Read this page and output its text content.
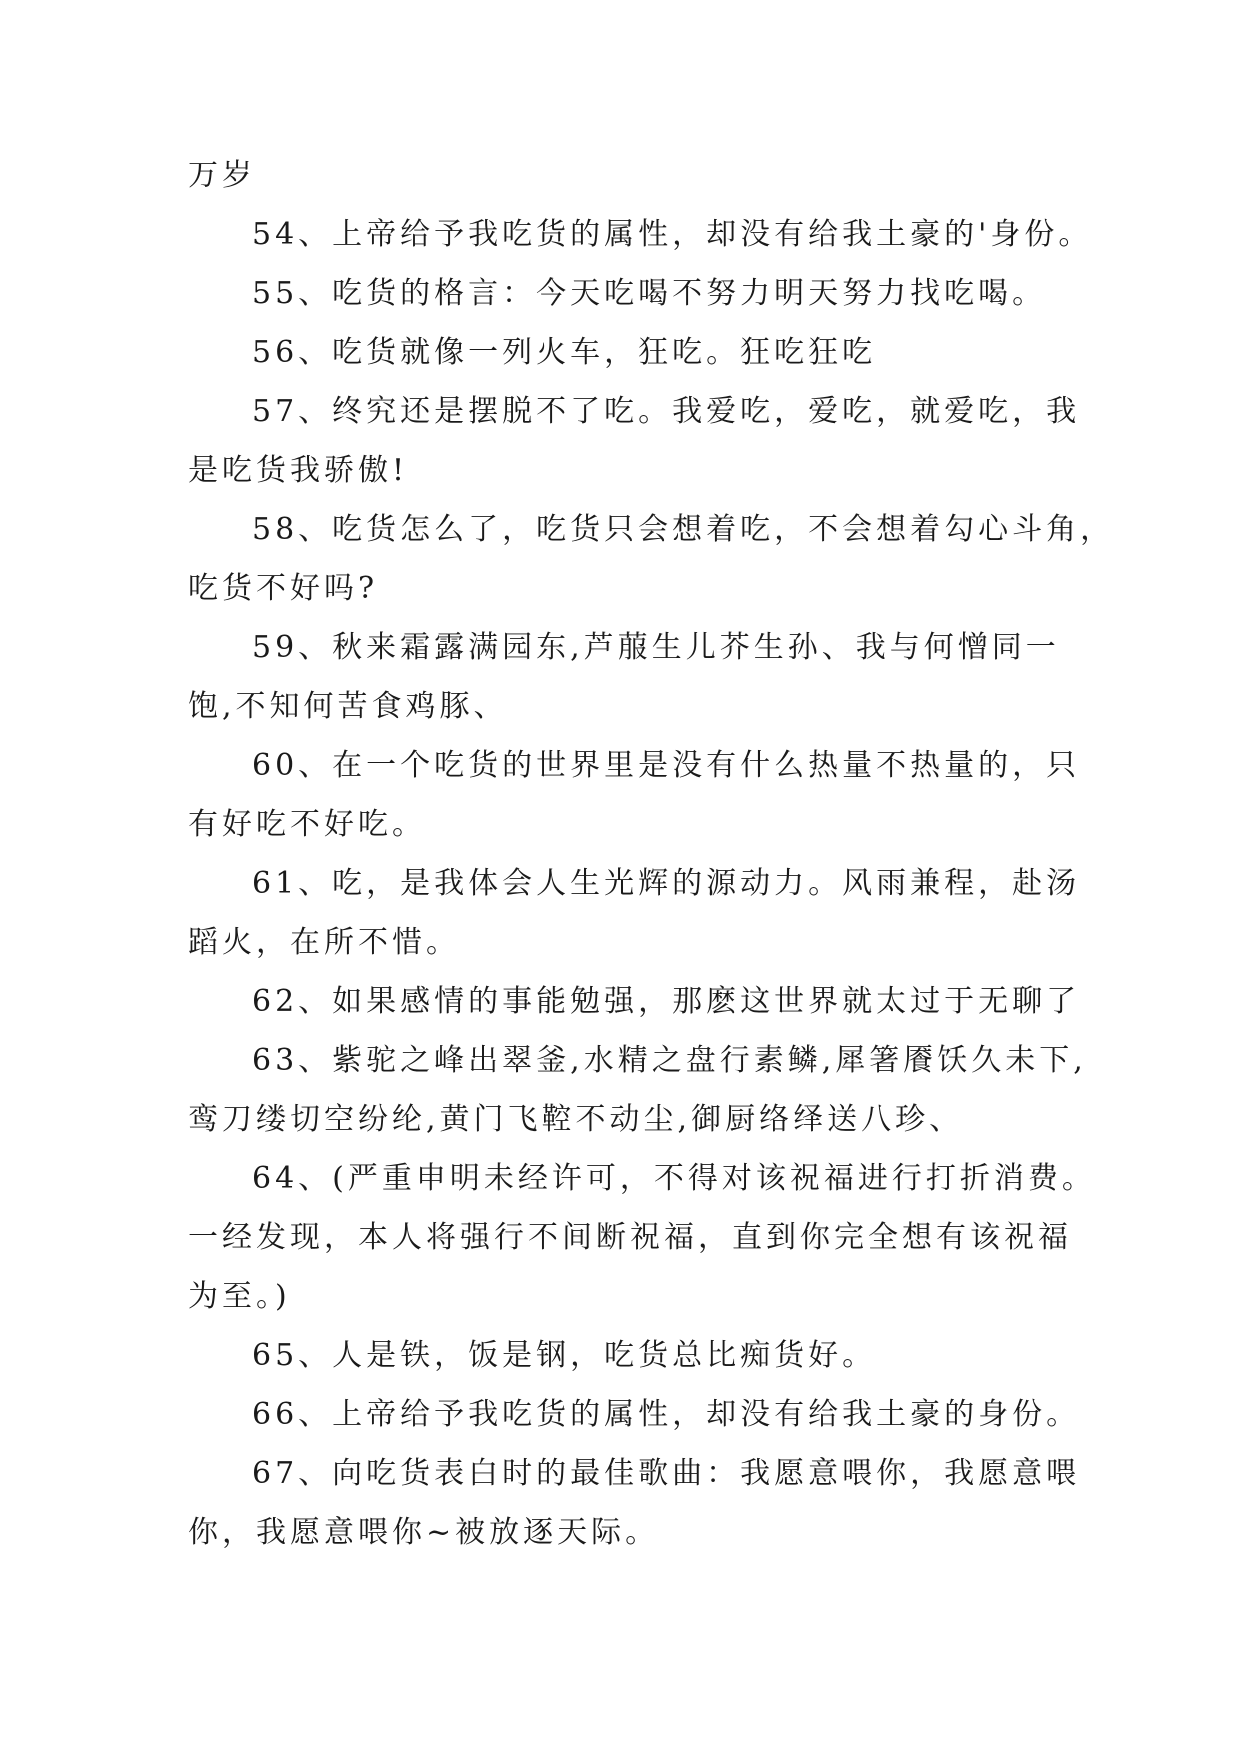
万岁
54、上帝给予我吃货的属性，却没有给我土豪的'身份。
55、吃货的格言：今天吃喝不努力明天努力找吃喝。
56、吃货就像一列火车，狂吃。狂吃狂吃
57、终究还是摆脱不了吃。我爱吃，爱吃，就爱吃，我
是吃货我骄傲!
58、吃货怎么了，吃货只会想着吃，不会想着勾心斗角，
吃货不好吗?
59、秋来霜露满园东,芦菔生儿芥生孙、我与何憎同一
饱,不知何苦食鸡豚、
60、在一个吃货的世界里是没有什么热量不热量的，只
有好吃不好吃。
61、吃，是我体会人生光辉的源动力。风雨兼程，赴汤
蹈火，在所不惜。
62、如果感情的事能勉强，那麽这世界就太过于无聊了
63、紫驼之峰出翠釜,水精之盘行素鳞,犀箸餍饫久未下,
鸾刀缕切空纷纶,黄门飞鞚不动尘,御厨络绎送八珍、
64、(严重申明未经许可，不得对该祝福进行打折消费。
一经发现，本人将强行不间断祝福，直到你完全想有该祝福
为至。)
65、人是铁，饭是钢，吃货总比痴货好。
66、上帝给予我吃货的属性，却没有给我土豪的身份。
67、向吃货表白时的最佳歌曲：我愿意喂你，我愿意喂
你，我愿意喂你~被放逐天际。
